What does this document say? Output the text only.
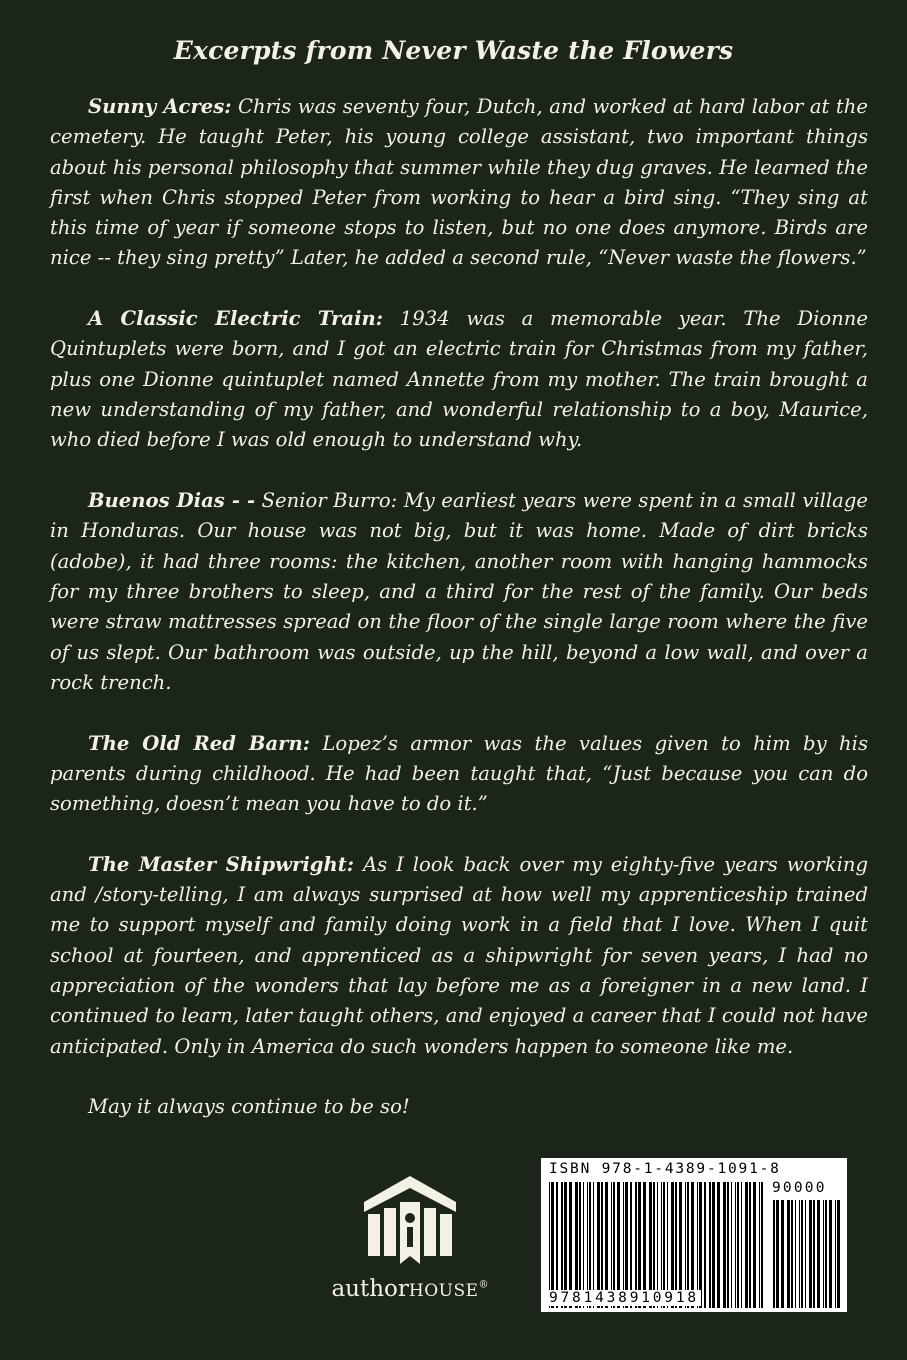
Excerpts from Never Waste the Flowers

Sunny Acres: Chris was seventy four, Dutch, and worked at hard labor at the cemetery. He taught Peter, his young college assistant, two important things about his personal philosophy that summer while they dug graves. He learned the first when Chris stopped Peter from working to hear a bird sing. “They sing at this time of year if someone stops to listen, but no one does anymore. Birds are nice -- they sing pretty” Later, he added a second rule, “Never waste the flowers.”

A Classic Electric Train: 1934 was a memorable year. The Dionne Quintuplets were born, and I got an electric train for Christmas from my father, plus one Dionne quintuplet named Annette from my mother. The train brought a new understanding of my father, and wonderful relationship to a boy, Maurice, who died before I was old enough to understand why.

Buenos Dias - - Senior Burro: My earliest years were spent in a small village in Honduras. Our house was not big, but it was home. Made of dirt bricks (adobe), it had three rooms: the kitchen, another room with hanging hammocks for my three brothers to sleep, and a third for the rest of the family. Our beds were straw mattresses spread on the floor of the single large room where the five of us slept. Our bathroom was outside, up the hill, beyond a low wall, and over a rock trench.

The Old Red Barn: Lopez’s armor was the values given to him by his parents during childhood. He had been taught that, “Just because you can do something, doesn’t mean you have to do it.”

The Master Shipwright: As I look back over my eighty-five years working and /story-telling, I am always surprised at how well my apprenticeship trained me to support myself and family doing work in a field that I love. When I quit school at fourteen, and apprenticed as a shipwright for seven years, I had no appreciation of the wonders that lay before me as a foreigner in a new land. I continued to learn, later taught others, and enjoyed a career that I could not have anticipated. Only in America do such wonders happen to someone like me.

May it always continue to be so!

authorHOUSE®
ISBN 978-1-4389-1091-8
90000
9781438910918
